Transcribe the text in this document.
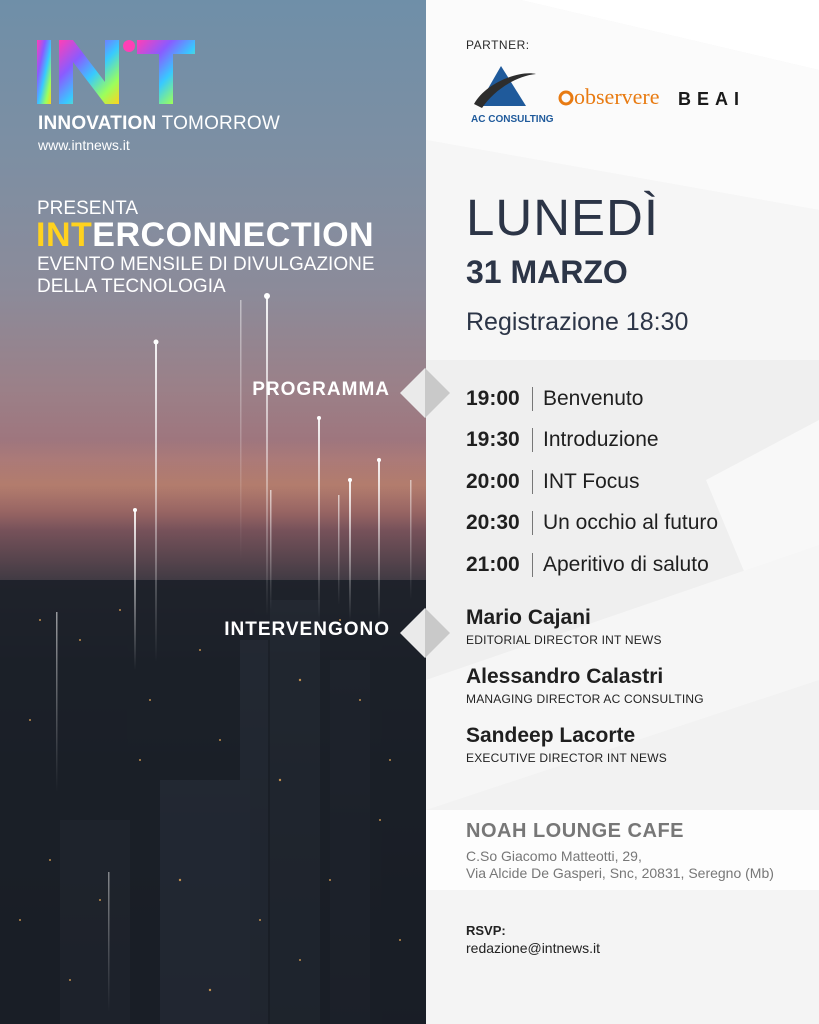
INNOVATION TOMORROW
www.intnews.it
PRESENTA
INTERCONNECTION
EVENTO MENSILE DI DIVULGAZIONE
DELLA TECNOLOGIA
PROGRAMMA
INTERVENGONO
PARTNER:
AC CONSULTING
observere BEAI
LUNEDÌ
31 MARZO
Registrazione 18:30
19:00	Benvenuto
19:30	Introduzione
20:00	INT Focus
20:30	Un occhio al futuro
21:00	Aperitivo di saluto
Mario Cajani
EDITORIAL DIRECTOR INT NEWS
Alessandro Calastri
MANAGING DIRECTOR AC CONSULTING
Sandeep Lacorte
EXECUTIVE DIRECTOR INT NEWS
NOAH LOUNGE CAFE
C.So Giacomo Matteotti, 29,
Via Alcide De Gasperi, Snc, 20831, Seregno (Mb)
RSVP:
redazione@intnews.it
